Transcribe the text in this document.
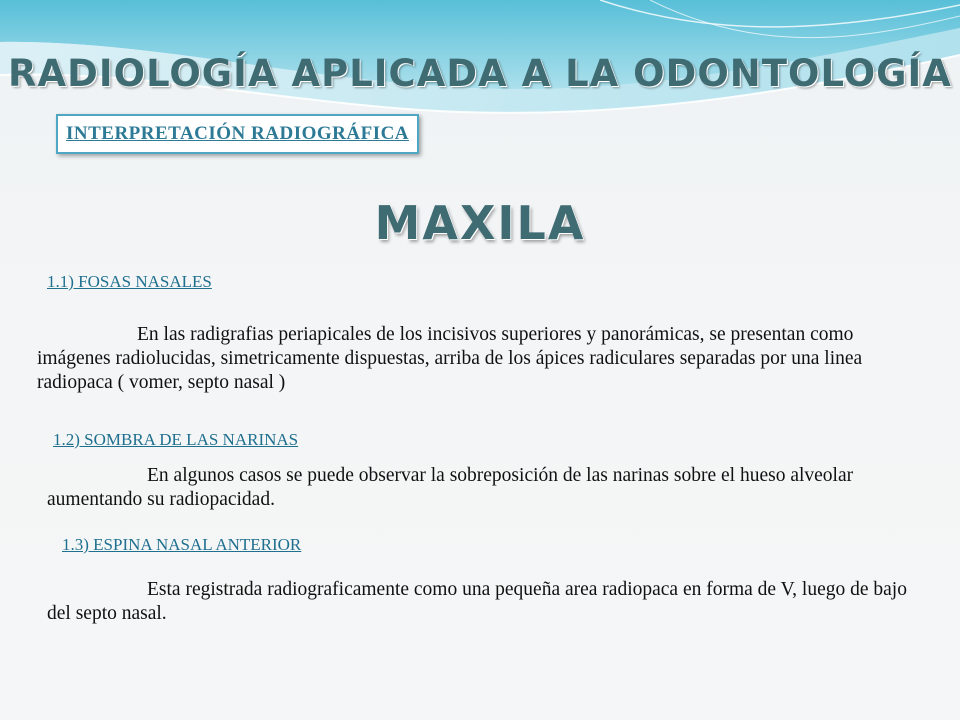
RADIOLOGÍA APLICADA A LA ODONTOLOGÍA
INTERPRETACIÓN RADIOGRÁFICA
MAXILA
1.1) FOSAS NASALES
En las radigrafias periapicales de los incisivos superiores y panorámicas, se presentan como imágenes radiolucidas, simetricamente dispuestas, arriba de los ápices radiculares separadas por una linea radiopaca ( vomer, septo nasal )
1.2) SOMBRA DE LAS NARINAS
En algunos casos se puede observar la sobreposición de las narinas sobre el hueso alveolar aumentando su radiopacidad.
1.3) ESPINA NASAL ANTERIOR
Esta registrada radiograficamente como una pequeña area radiopaca en forma de V, luego de bajo del septo nasal.
